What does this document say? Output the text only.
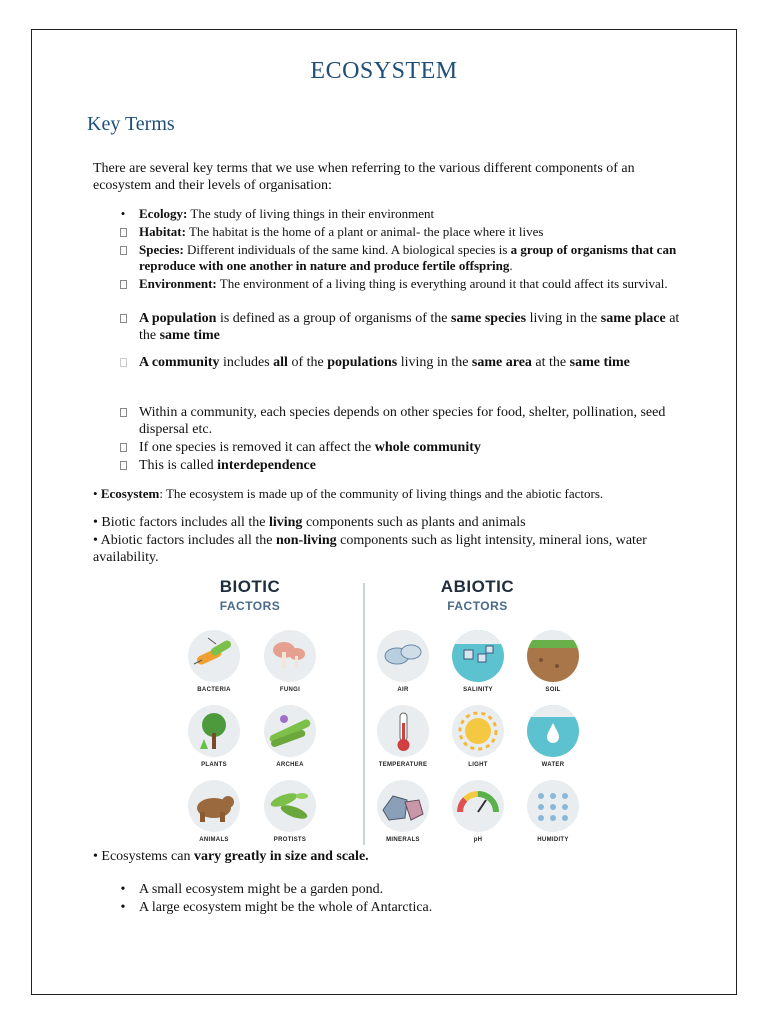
ECOSYSTEM
Key Terms
There are several key terms that we use when referring to the various different components of an ecosystem and their levels of organisation:
• Ecology: The study of living things in their environment
Habitat: The habitat is the home of a plant or animal- the place where it lives
Species: Different individuals of the same kind. A biological species is a group of organisms that can reproduce with one another in nature and produce fertile offspring.
Environment: The environment of a living thing is everything around it that could affect its survival.
A population is defined as a group of organisms of the same species living in the same place at the same time
A community includes all of the populations living in the same area at the same time
Within a community, each species depends on other species for food, shelter, pollination, seed dispersal etc.
If one species is removed it can affect the whole community
This is called interdependence
• Ecosystem: The ecosystem is made up of the community of living things and the abiotic factors.
• Biotic factors includes all the living components such as plants and animals
• Abiotic factors includes all the non-living components such as light intensity, mineral ions, water availability.
BIOTIC
FACTORS
ABIOTIC
FACTORS
BACTERIA	FUNGI
PLANTS	ARCHEA
ANIMALS	PROTISTS
AIR	SALINITY	SOIL
TEMPERATURE	LIGHT	WATER
MINERALS	pH	HUMIDITY
• Ecosystems can vary greatly in size and scale.
• A small ecosystem might be a garden pond.
• A large ecosystem might be the whole of Antarctica.
